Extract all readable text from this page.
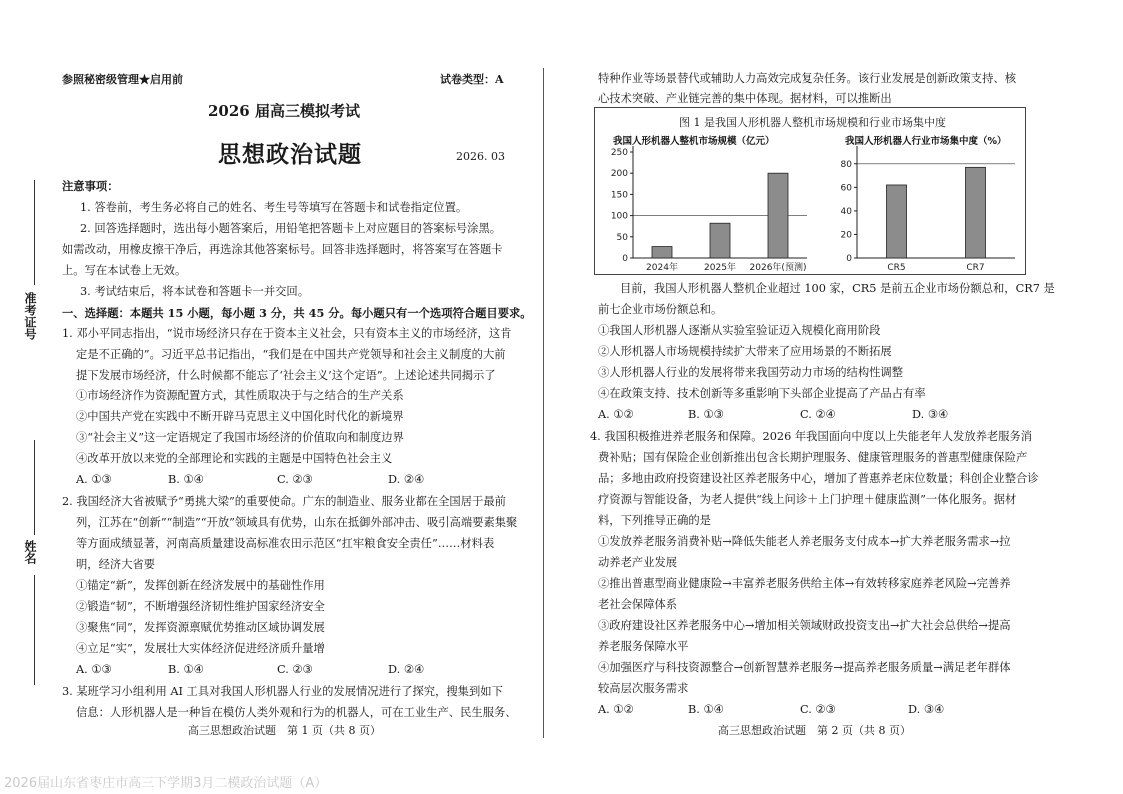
参照秘密级管理★启用前	试卷类型：A
2026 届高三模拟考试
思想政治试题	2026. 03
注意事项：
1. 答卷前，考生务必将自己的姓名、考生号等填写在答题卡和试卷指定位置。
2. 回答选择题时，选出每小题答案后，用铅笔把答题卡上对应题目的答案标号涂黑。
如需改动，用橡皮擦干净后，再选涂其他答案标号。回答非选择题时，将答案写在答题卡
上。写在本试卷上无效。
3. 考试结束后，将本试卷和答题卡一并交回。
一、选择题：本题共 15 小题，每小题 3 分，共 45 分。每小题只有一个选项符合题目要求。
1. 邓小平同志指出，“说市场经济只存在于资本主义社会，只有资本主义的市场经济，这肯
定是不正确的”。习近平总书记指出，“我们是在中国共产党领导和社会主义制度的大前
提下发展市场经济，什么时候都不能忘了‘社会主义’这个定语”。上述论述共同揭示了
①市场经济作为资源配置方式，其性质取决于与之结合的生产关系
②中国共产党在实践中不断开辟马克思主义中国化时代化的新境界
③“社会主义”这一定语规定了我国市场经济的价值取向和制度边界
④改革开放以来党的全部理论和实践的主题是中国特色社会主义
A. ①③	B. ①④	C. ②③	D. ②④
2. 我国经济大省被赋予“勇挑大梁”的重要使命。广东的制造业、服务业都在全国居于最前
列，江苏在“创新”“制造”“开放”领域具有优势，山东在抵御外部冲击、吸引高端要素集聚
等方面成绩显著，河南高质量建设高标准农田示范区“扛牢粮食安全责任”……材料表
明，经济大省要
①锚定“新”，发挥创新在经济发展中的基础性作用
②锻造“韧”，不断增强经济韧性维护国家经济安全
③聚焦“同”，发挥资源禀赋优势推动区域协调发展
④立足“实”，发展壮大实体经济促进经济质升量增
A. ①③	B. ①④	C. ②③	D. ②④
3. 某班学习小组利用 AI 工具对我国人形机器人行业的发展情况进行了探究，搜集到如下
信息：人形机器人是一种旨在模仿人类外观和行为的机器人，可在工业生产、民生服务、
高三思想政治试题　第 1 页（共 8 页）
准考证号
姓名
特种作业等场景替代或辅助人力高效完成复杂任务。该行业发展是创新政策支持、核
心技术突破、产业链完善的集中体现。据材料，可以推断出
图 1 是我国人形机器人整机市场规模和行业市场集中度
我国人形机器人整机市场规模（亿元）
0
50
100
150
200
250
2024年	2025年 2026年(预测)
我国人形机器人行业市场集中度（%）
0
20
40
60
80
CR5	CR7
目前，我国人形机器人整机企业超过 100 家，CR5 是前五企业市场份额总和，CR7 是
前七企业市场份额总和。
①我国人形机器人逐渐从实验室验证迈入规模化商用阶段
②人形机器人市场规模持续扩大带来了应用场景的不断拓展
③人形机器人行业的发展将带来我国劳动力市场的结构性调整
④在政策支持、技术创新等多重影响下头部企业提高了产品占有率
A. ①②	B. ①③	C. ②④	D. ③④
4. 我国积极推进养老服务和保障。2026 年我国面向中度以上失能老年人发放养老服务消
费补贴；国有保险企业创新推出包含长期护理服务、健康管理服务的普惠型健康保险产
品；多地由政府投资建设社区养老服务中心，增加了普惠养老床位数量；科创企业整合诊
疗资源与智能设备，为老人提供“线上问诊＋上门护理＋健康监测”一体化服务。据材
料，下列推导正确的是
①发放养老服务消费补贴→降低失能老人养老服务支付成本→扩大养老服务需求→拉
动养老产业发展
②推出普惠型商业健康险→丰富养老服务供给主体→有效转移家庭养老风险→完善养
老社会保障体系
③政府建设社区养老服务中心→增加相关领域财政投资支出→扩大社会总供给→提高
养老服务保障水平
④加强医疗与科技资源整合→创新智慧养老服务→提高养老服务质量→满足老年群体
较高层次服务需求
A. ①②	B. ①④	C. ②③	D. ③④
高三思想政治试题　第 2 页（共 8 页）
2026届山东省枣庄市高三下学期3月二模政治试题（A）
